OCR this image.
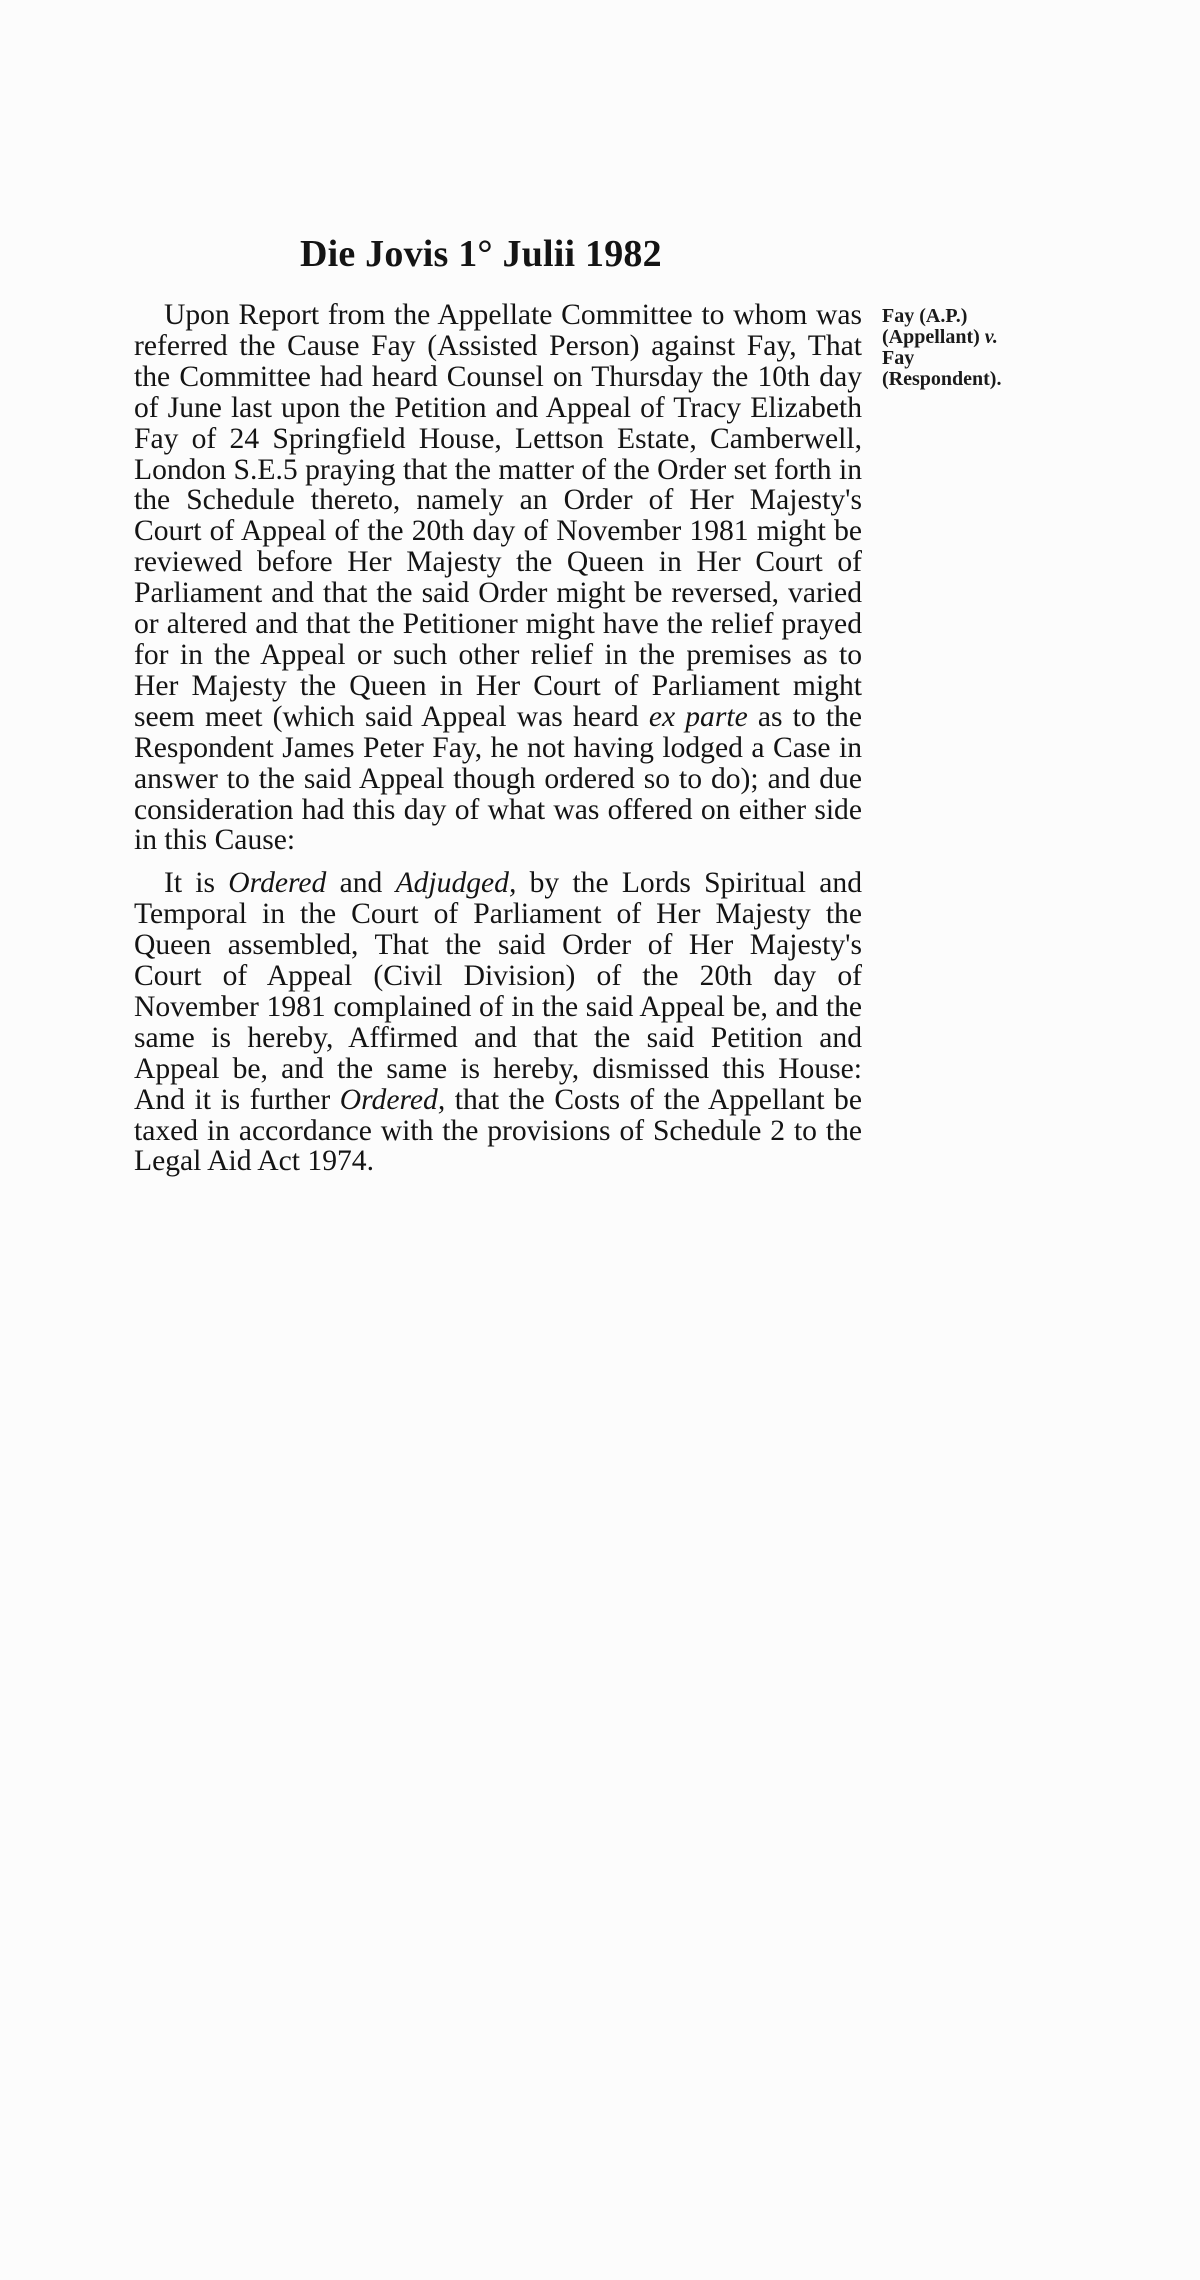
Die Jovis 1° Julii 1982
Fay (A.P.)
(Appellant) v.
Fay
(Respondent).

Upon Report from the Appellate Committee to whom was referred the Cause Fay (Assisted Person) against Fay, That the Committee had heard Counsel on Thursday the 10th day of June last upon the Petition and Appeal of Tracy Elizabeth Fay of 24 Springfield House, Lettson Estate, Camberwell, London S.E.5 praying that the matter of the Order set forth in the Schedule thereto, namely an Order of Her Majesty's Court of Appeal of the 20th day of November 1981 might be reviewed before Her Majesty the Queen in Her Court of Parliament and that the said Order might be reversed, varied or altered and that the Petitioner might have the relief prayed for in the Appeal or such other relief in the premises as to Her Majesty the Queen in Her Court of Parliament might seem meet (which said Appeal was heard ex parte as to the Respondent James Peter Fay, he not having lodged a Case in answer to the said Appeal though ordered so to do); and due consideration had this day of what was offered on either side in this Cause:

It is Ordered and Adjudged, by the Lords Spiritual and Temporal in the Court of Parliament of Her Majesty the Queen assembled, That the said Order of Her Majesty's Court of Appeal (Civil Division) of the 20th day of November 1981 complained of in the said Appeal be, and the same is hereby, Affirmed and that the said Petition and Appeal be, and the same is hereby, dismissed this House: And it is further Ordered, that the Costs of the Appellant be taxed in accordance with the provisions of Schedule 2 to the Legal Aid Act 1974.
